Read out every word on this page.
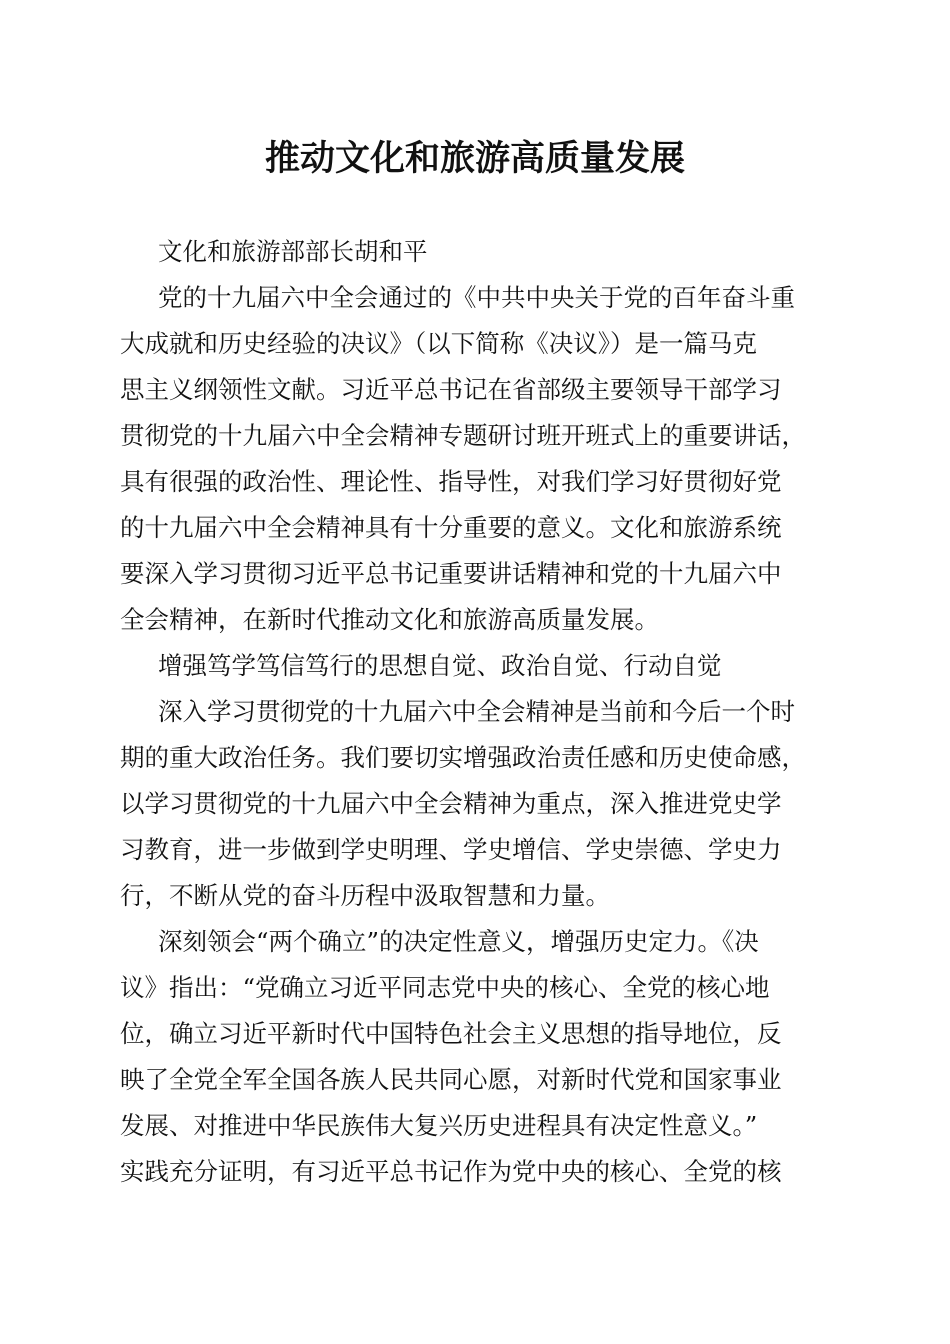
推动文化和旅游高质量发展

文化和旅游部部长胡和平

党的十九届六中全会通过的《中共中央关于党的百年奋斗重

大成就和历史经验的决议》（以下简称《决议》）是一篇马克

思主义纲领性文献。习近平总书记在省部级主要领导干部学习

贯彻党的十九届六中全会精神专题研讨班开班式上的重要讲话，

具有很强的政治性、理论性、指导性，对我们学习好贯彻好党

的十九届六中全会精神具有十分重要的意义。文化和旅游系统

要深入学习贯彻习近平总书记重要讲话精神和党的十九届六中

全会精神，在新时代推动文化和旅游高质量发展。

增强笃学笃信笃行的思想自觉、政治自觉、行动自觉

深入学习贯彻党的十九届六中全会精神是当前和今后一个时

期的重大政治任务。我们要切实增强政治责任感和历史使命感，

以学习贯彻党的十九届六中全会精神为重点，深入推进党史学

习教育，进一步做到学史明理、学史增信、学史崇德、学史力

行，不断从党的奋斗历程中汲取智慧和力量。

深刻领会“两个确立”的决定性意义，增强历史定力。《决

议》指出：“党确立习近平同志党中央的核心、全党的核心地

位，确立习近平新时代中国特色社会主义思想的指导地位，反

映了全党全军全国各族人民共同心愿，对新时代党和国家事业

发展、对推进中华民族伟大复兴历史进程具有决定性意义。”

实践充分证明，有习近平总书记作为党中央的核心、全党的核
